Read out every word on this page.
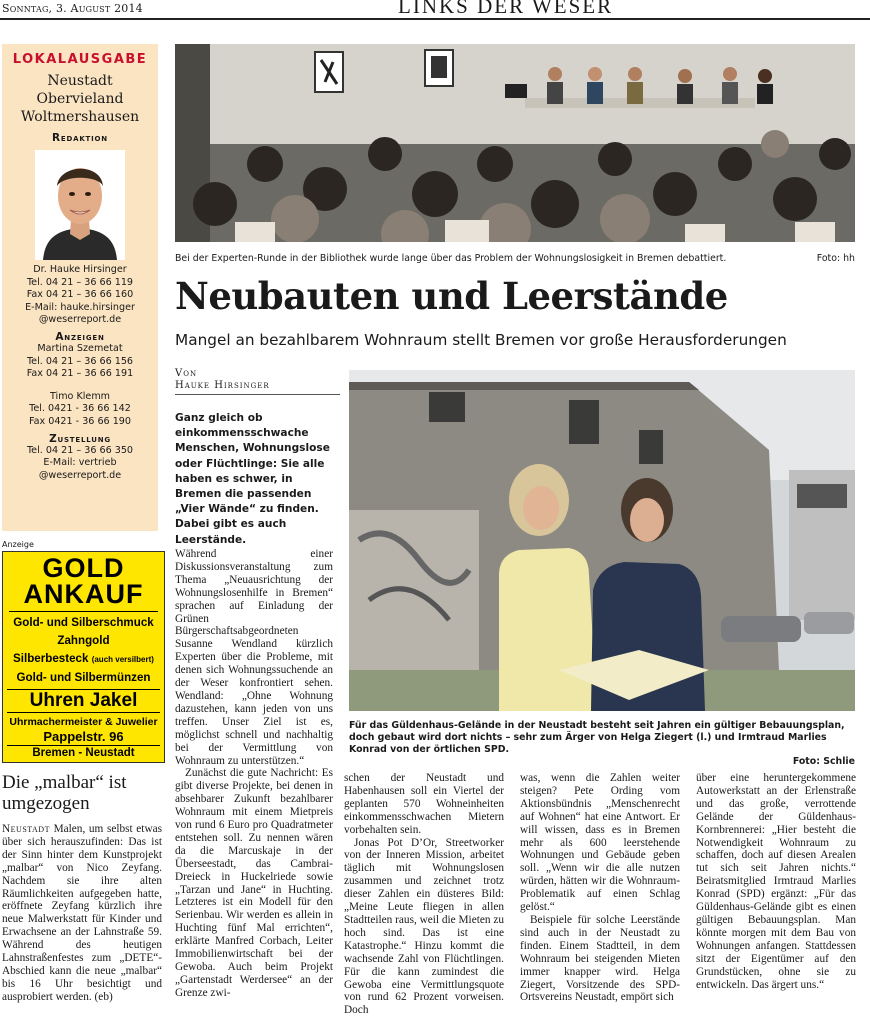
Sonntag, 3. August 2014	LINKS DER WESER
LOKALAUSGABE
Neustadt
Obervieland
Woltmershausen
Redaktion
Dr. Hauke Hirsinger
Tel. 04 21 – 36 66 119
Fax 04 21 – 36 66 160
E-Mail: hauke.hirsinger
@weserreport.de
Anzeigen
Martina Szemetat
Tel. 04 21 – 36 66 156
Fax 04 21 – 36 66 191
Timo Klemm
Tel. 0421 - 36 66 142
Fax 0421 - 36 66 190
Zustellung
Tel. 04 21 – 36 66 350
E-Mail: vertrieb
@weserreport.de
Anzeige
GOLD
ANKAUF
Gold- und Silberschmuck
Zahngold
Silberbesteck (auch versilbert)
Gold- und Silbermünzen
Uhren Jakel
Uhrmachermeister & Juwelier
Pappelstr. 96
Bremen - Neustadt
Die „malbar“ ist umgezogen

Neustadt Malen, um selbst etwas über sich herauszufinden: Das ist der Sinn hinter dem Kunstprojekt „malbar“ von Nico Zeyfang. Nachdem sie ihre alten Räumlichkeiten aufgegeben hatte, eröffnete Zeyfang kürzlich ihre neue Malwerkstatt für Kinder und Erwachsene an der Lahnstraße 59. Während des heutigen Lahnstraßenfestes zum „DETE“-Abschied kann die neue „malbar“ bis 16 Uhr besichtigt und ausprobiert werden. (eb)

Bei der Experten-Runde in der Bibliothek wurde lange über das Problem der Wohnungslosigkeit in Bremen debattiert.	Foto: hh
Neubauten und Leerstände
Mangel an bezahlbarem Wohnraum stellt Bremen vor große Herausforderungen
Von
Hauke Hirsinger
Ganz gleich ob einkommensschwache Menschen, Wohnungslose oder Flüchtlinge: Sie alle haben es schwer, in Bremen die passenden „Vier Wände“ zu finden. Dabei gibt es auch Leerstände.
Für das Güldenhaus-Gelände in der Neustadt besteht seit Jahren ein gültiger Bebauungsplan, doch gebaut wird dort nichts – sehr zum Ärger von Helga Ziegert (l.) und Irmtraud Marlies Konrad von der örtlichen SPD.
Foto: Schlie

Während einer Diskussionsveranstaltung zum Thema „Neuausrichtung der Wohnungslosenhilfe in Bremen“ sprachen auf Einladung der Grünen Bürgerschaftsabgeordneten Susanne Wendland kürzlich Experten über die Probleme, mit denen sich Wohnungssuchende an der Weser konfrontiert sehen. Wendland: „Ohne Wohnung dazustehen, kann jeden von uns treffen. Unser Ziel ist es, möglichst schnell und nachhaltig bei der Vermittlung von Wohnraum zu unterstützen.“

Zunächst die gute Nachricht: Es gibt diverse Projekte, bei denen in absehbarer Zukunft bezahlbarer Wohnraum mit einem Mietpreis von rund 6 Euro pro Quadratmeter entstehen soll. Zu nennen wären da die Marcuskaje in der Überseestadt, das Cambrai-Dreieck in Huckelriede sowie „Tarzan und Jane“ in Huchting. Letzteres ist ein Modell für den Serienbau. Wir werden es allein in Huchting fünf Mal errichten“, erklärte Manfred Corbach, Leiter Immobilienwirtschaft bei der Gewoba. Auch beim Projekt „Gartenstadt Werdersee“ an der Grenze zwi-

schen der Neustadt und Habenhausen soll ein Viertel der geplanten 570 Wohneinheiten einkommensschwachen Mietern vorbehalten sein.

Jonas Pot D’Or, Streetworker von der Inneren Mission, arbeitet täglich mit Wohnungslosen zusammen und zeichnet trotz dieser Zahlen ein düsteres Bild: „Meine Leute fliegen in allen Stadtteilen raus, weil die Mieten zu hoch sind. Das ist eine Katastrophe.“ Hinzu kommt die wachsende Zahl von Flüchtlingen. Für die kann zumindest die Gewoba eine Vermittlungsquote von rund 62 Prozent vorweisen. Doch

was, wenn die Zahlen weiter steigen? Pete Ording vom Aktionsbündnis „Menschenrecht auf Wohnen“ hat eine Antwort. Er will wissen, dass es in Bremen mehr als 600 leerstehende Wohnungen und Gebäude geben soll. „Wenn wir die alle nutzen würden, hätten wir die Wohnraum-Problematik auf einen Schlag gelöst.“

Beispiele für solche Leerstände sind auch in der Neustadt zu finden. Einem Stadtteil, in dem Wohnraum bei steigenden Mieten immer knapper wird. Helga Ziegert, Vorsitzende des SPD-Ortsvereins Neustadt, empört sich

über eine heruntergekommene Autowerkstatt an der Erlenstraße und das große, verrottende Gelände der Güldenhaus-Kornbrennerei: „Hier besteht die Notwendigkeit Wohnraum zu schaffen, doch auf diesen Arealen tut sich seit Jahren nichts.“ Beiratsmitglied Irmtraud Marlies Konrad (SPD) ergänzt: „Für das Güldenhaus-Gelände gibt es einen gültigen Bebauungsplan. Man könnte morgen mit dem Bau von Wohnungen anfangen. Stattdessen sitzt der Eigentümer auf den Grundstücken, ohne sie zu entwickeln. Das ärgert uns.“
